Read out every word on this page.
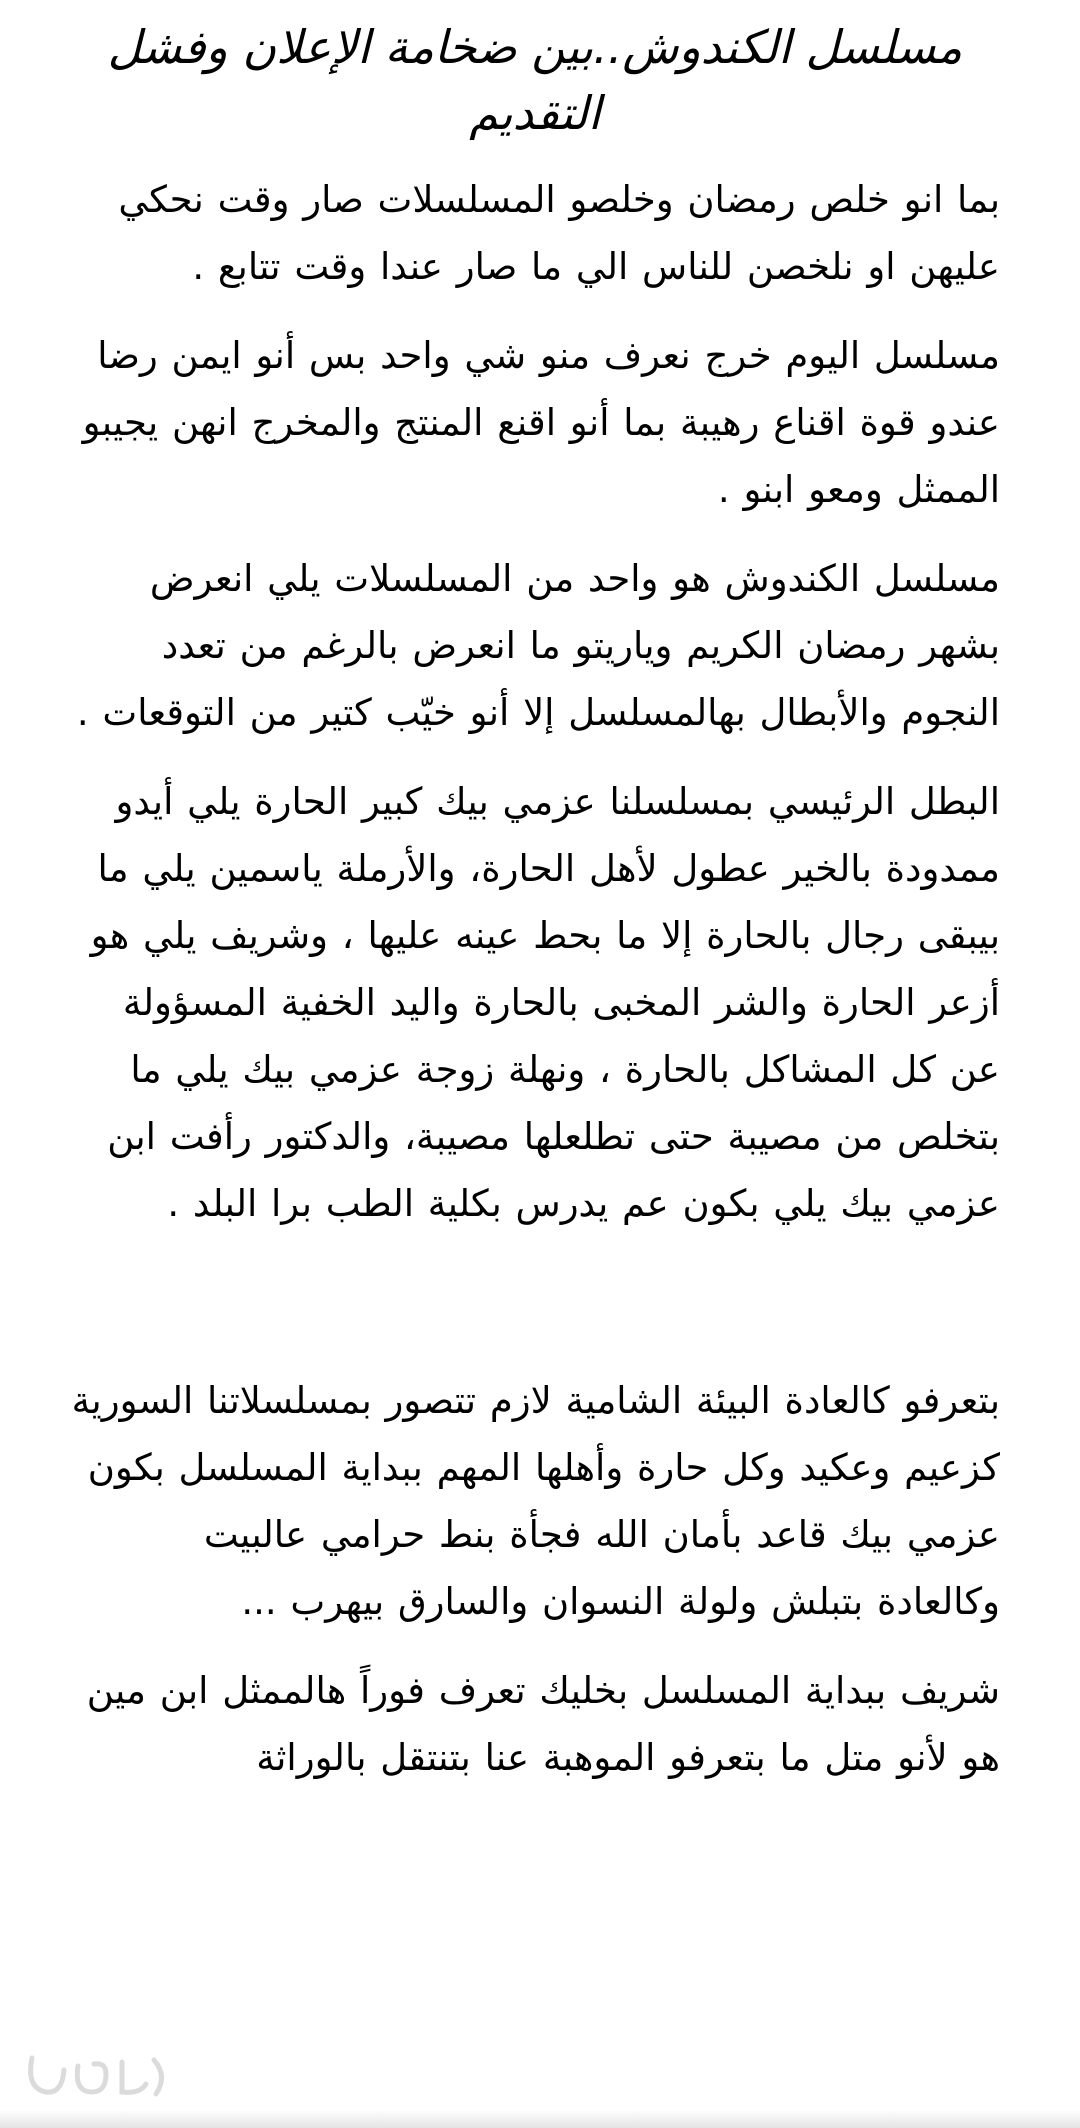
مسلسل الكندوش..بين ضخامة الإعلان وفشل التقديم

بما انو خلص رمضان وخلصو المسلسلات صار وقت نحكي عليهن او نلخصن للناس الي ما صار عندا وقت تتابع .

مسلسل اليوم خرج نعرف منو شي واحد بس أنو ايمن رضا عندو قوة اقناع رهيبة بما أنو اقنع المنتج والمخرج انهن يجيبو الممثل ومعو ابنو .

مسلسل الكندوش هو واحد من المسلسلات يلي انعرض بشهر رمضان الكريم وياريتو ما انعرض بالرغم من تعدد النجوم والأبطال بهالمسلسل إلا أنو خيّب كتير من التوقعات .

البطل الرئيسي بمسلسلنا عزمي بيك كبير الحارة يلي أيدو ممدودة بالخير عطول لأهل الحارة، والأرملة ياسمين يلي ما بيبقى رجال بالحارة إلا ما بحط عينه عليها ، وشريف يلي هو أزعر الحارة والشر المخبى بالحارة واليد الخفية المسؤولة عن كل المشاكل بالحارة ، ونهلة زوجة عزمي بيك يلي ما بتخلص من مصيبة حتى تطلعلها مصيبة، والدكتور رأفت ابن عزمي بيك يلي بكون عم يدرس بكلية الطب برا البلد .

بتعرفو كالعادة البيئة الشامية لازم تتصور بمسلسلاتنا السورية كزعيم وعكيد وكل حارة وأهلها المهم ببداية المسلسل بكون عزمي بيك قاعد بأمان الله فجأة بنط حرامي عالبيت وكالعادة بتبلش ولولة النسوان والسارق بيهرب ...

شريف ببداية المسلسل بخليك تعرف فوراً هالممثل ابن مين هو لأنو متل ما بتعرفو الموهبة عنا بتنتقل بالوراثة
